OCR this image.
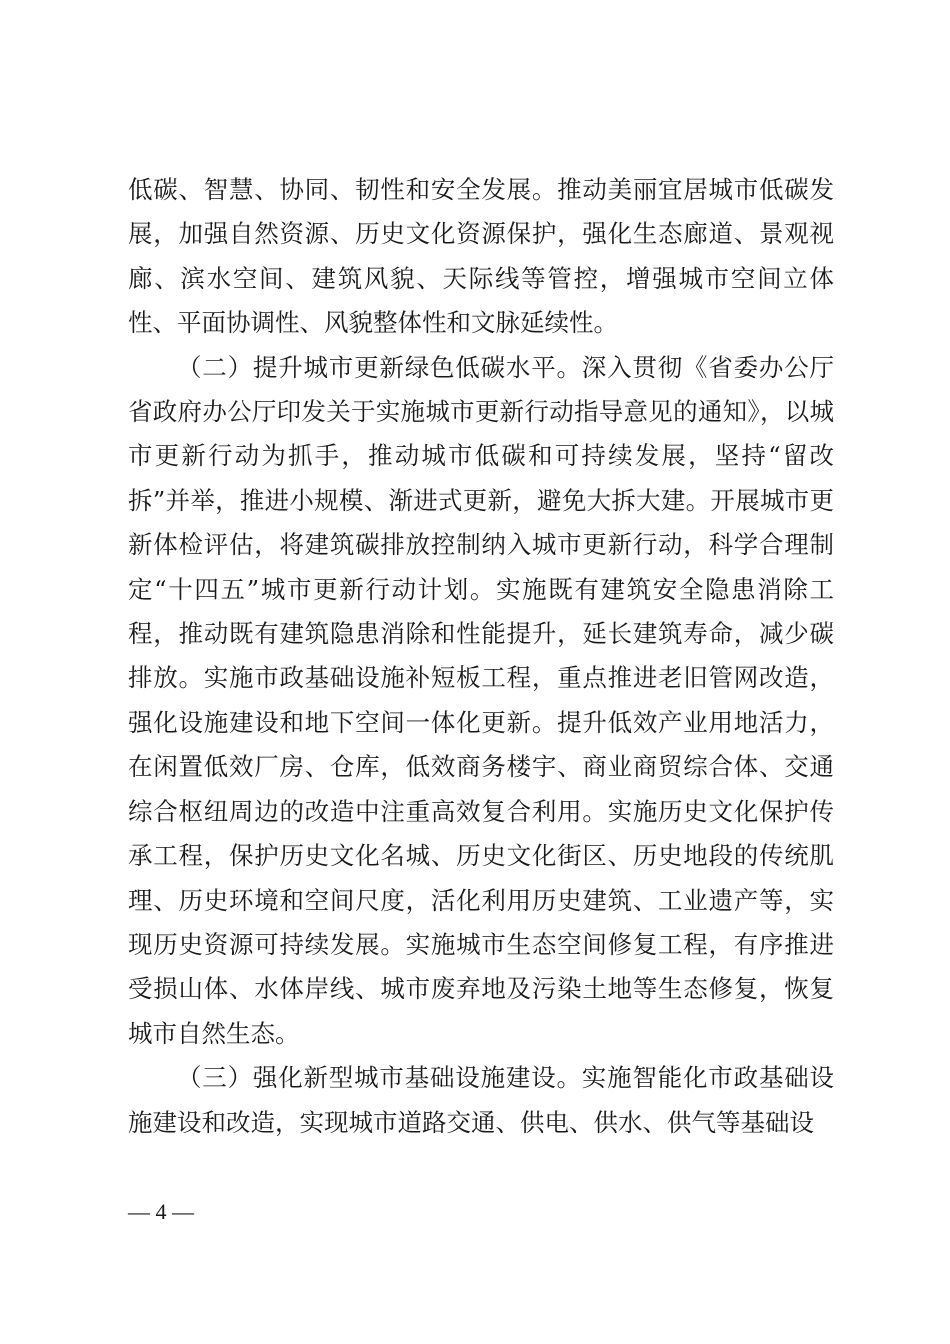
低碳、智慧、协同、韧性和安全发展。推动美丽宜居城市低碳发展，加强自然资源、历史文化资源保护，强化生态廊道、景观视廊、滨水空间、建筑风貌、天际线等管控，增强城市空间立体性、平面协调性、风貌整体性和文脉延续性。

（二）提升城市更新绿色低碳水平。深入贯彻《省委办公厅省政府办公厅印发关于实施城市更新行动指导意见的通知》，以城市更新行动为抓手，推动城市低碳和可持续发展，坚持“留改拆”并举，推进小规模、渐进式更新，避免大拆大建。开展城市更新体检评估，将建筑碳排放控制纳入城市更新行动，科学合理制定“十四五”城市更新行动计划。实施既有建筑安全隐患消除工程，推动既有建筑隐患消除和性能提升，延长建筑寿命，减少碳排放。实施市政基础设施补短板工程，重点推进老旧管网改造，强化设施建设和地下空间一体化更新。提升低效产业用地活力，在闲置低效厂房、仓库，低效商务楼宇、商业商贸综合体、交通综合枢纽周边的改造中注重高效复合利用。实施历史文化保护传承工程，保护历史文化名城、历史文化街区、历史地段的传统肌理、历史环境和空间尺度，活化利用历史建筑、工业遗产等，实现历史资源可持续发展。实施城市生态空间修复工程，有序推进受损山体、水体岸线、城市废弃地及污染土地等生态修复，恢复城市自然生态。

（三）强化新型城市基础设施建设。实施智能化市政基础设施建设和改造，实现城市道路交通、供电、供水、供气等基础设

— 4 —
